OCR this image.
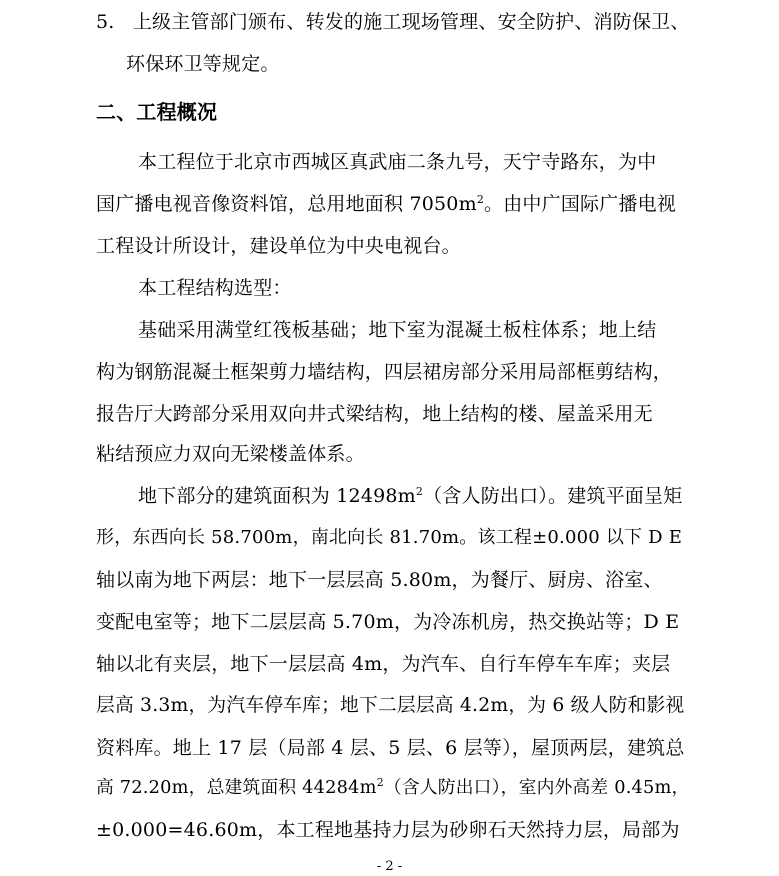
5. 上级主管部门颁布、转发的施工现场管理、安全防护、消防保卫、
环保环卫等规定。
二、工程概况
本工程位于北京市西城区真武庙二条九号，天宁寺路东，为中
国广播电视音像资料馆，总用地面积 $7050m^2$。由中广国际广播电视
工程设计所设计，建设单位为中央电视台。
本工程结构选型：
基础采用满堂红筏板基础；地下室为混凝土板柱体系；地上结
构为钢筋混凝土框架剪力墙结构，四层裙房部分采用局部框剪结构，
报告厅大跨部分采用双向井式梁结构，地上结构的楼、屋盖采用无
粘结预应力双向无梁楼盖体系。
地下部分的建筑面积为 $12498m^2$（含人防出口）。建筑平面呈矩
形，东西向长 58.700m，南北向长 81.70m。该工程±0.000 以下 D E
轴以南为地下两层：地下一层层高 5.80m，为餐厅、厨房、浴室、
变配电室等；地下二层层高 5.70m，为冷冻机房，热交换站等；D E
轴以北有夹层，地下一层层高 4m，为汽车、自行车停车车库；夹层
层高 3.3m，为汽车停车库；地下二层层高 4.2m，为 6 级人防和影视
资料库。地上 17 层（局部 4 层、5 层、6 层等），屋顶两层，建筑总
高 72.20m，总建筑面积 $44284m^2$（含人防出口），室内外高差 0.45m，
±0.000=46.60m，本工程地基持力层为砂卵石天然持力层，局部为
- 2 -
